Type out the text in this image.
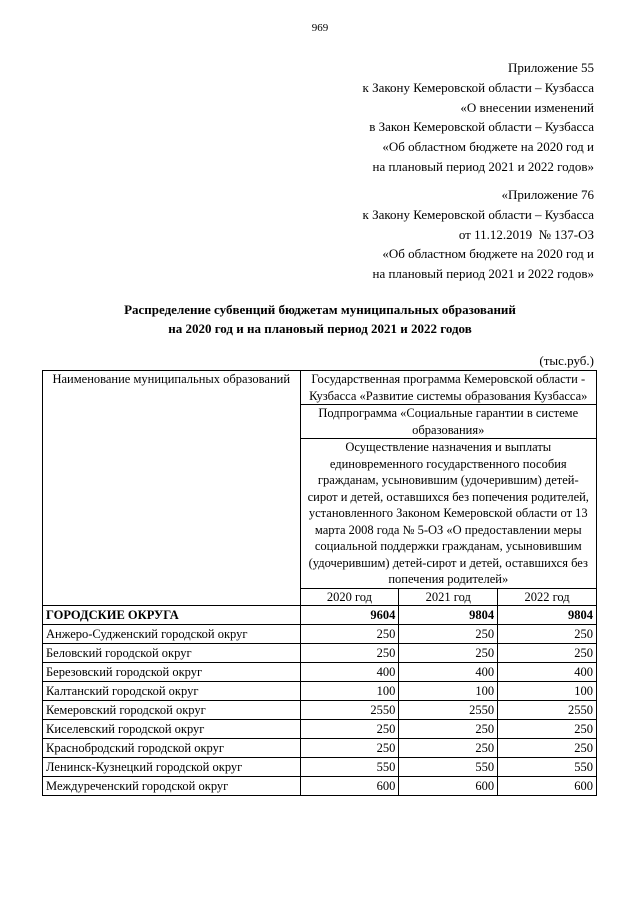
969
Приложение 55
к Закону Кемеровской области – Кузбасса
«О внесении изменений
в Закон Кемеровской области – Кузбасса
«Об областном бюджете на 2020 год и
на плановый период 2021 и 2022 годов»
«Приложение 76
к Закону Кемеровской области – Кузбасса
от 11.12.2019  № 137-ОЗ
«Об областном бюджете на 2020 год и
на плановый период 2021 и 2022 годов»
Распределение субвенций бюджетам муниципальных образований
на 2020 год и на плановый период 2021 и 2022 годов
(тыс.руб.)
Наименование муниципальных образований	Государственная программа Кемеровской области - Кузбасса «Развитие системы образования Кузбасса»		
	Подпрограмма «Социальные гарантии в системе образования»		
	Осуществление назначения и выплаты единовременного государственного пособия гражданам, усыновившим (удочерившим) детей-сирот и детей, оставшихся без попечения родителей, установленного Законом Кемеровской области от 13 марта 2008 года № 5-ОЗ «О предоставлении меры социальной поддержки гражданам, усыновившим (удочерившим) детей-сирот и детей, оставшихся без попечения родителей»		
	2020 год	2021 год	2022 год
ГОРОДСКИЕ ОКРУГА	9604	9804	9804
Анжеро-Судженский городской округ	250	250	250
Беловский городской округ	250	250	250
Березовский городской округ	400	400	400
Калтанский городской округ	100	100	100
Кемеровский городской округ	2550	2550	2550
Киселевский городской округ	250	250	250
Краснобродский городской округ	250	250	250
Ленинск-Кузнецкий городской округ	550	550	550
Междуреченский городской округ	600	600	600
